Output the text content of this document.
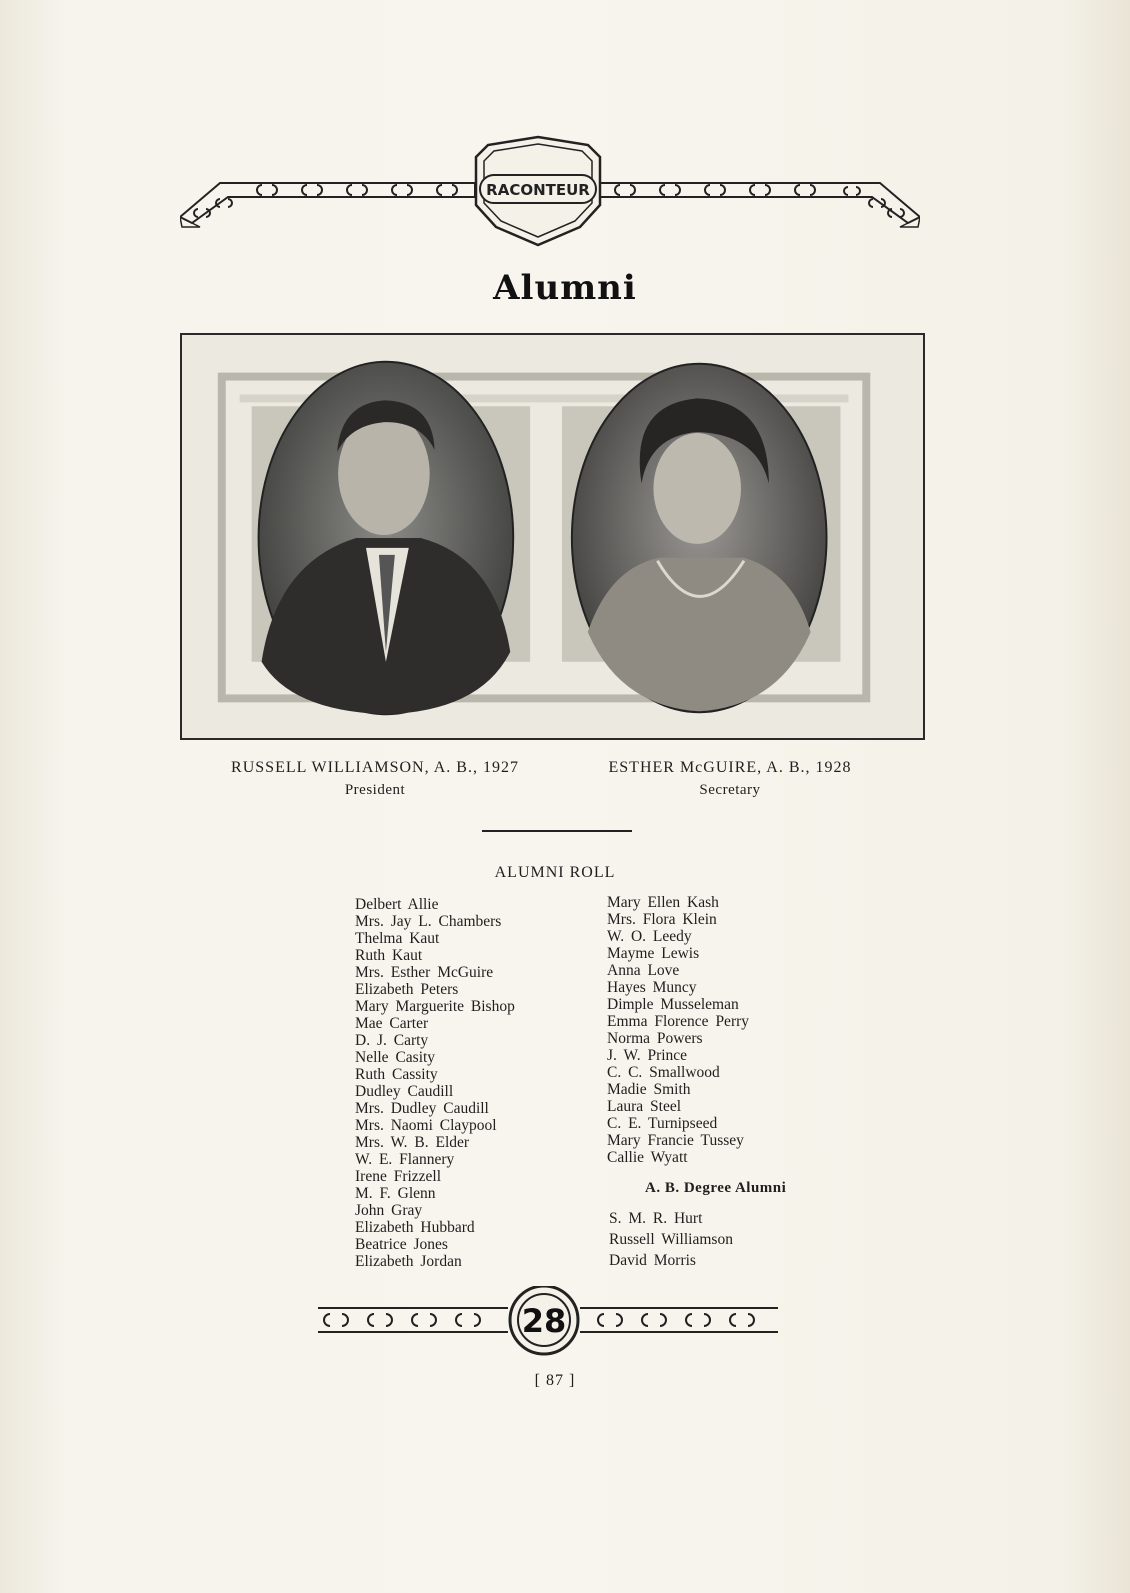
RACONTEUR
Alumni
RUSSELL WILLIAMSON, A. B., 1927
President
ESTHER McGUIRE, A. B., 1928
Secretary
ALUMNI ROLL
Delbert Allie
Mrs. Jay L. Chambers
Thelma Kaut
Ruth Kaut
Mrs. Esther McGuire
Elizabeth Peters
Mary Marguerite Bishop
Mae Carter
D. J. Carty
Nelle Casity
Ruth Cassity
Dudley Caudill
Mrs. Dudley Caudill
Mrs. Naomi Claypool
Mrs. W. B. Elder
W. E. Flannery
Irene Frizzell
M. F. Glenn
John Gray
Elizabeth Hubbard
Beatrice Jones
Elizabeth Jordan
Mary Ellen Kash
Mrs. Flora Klein
W. O. Leedy
Mayme Lewis
Anna Love
Hayes Muncy
Dimple Musseleman
Emma Florence Perry
Norma Powers
J. W. Prince
C. C. Smallwood
Madie Smith
Laura Steel
C. E. Turnipseed
Mary Francie Tussey
Callie Wyatt
A. B. Degree Alumni
S. M. R. Hurt
Russell Williamson
David Morris
28
[ 87 ]
